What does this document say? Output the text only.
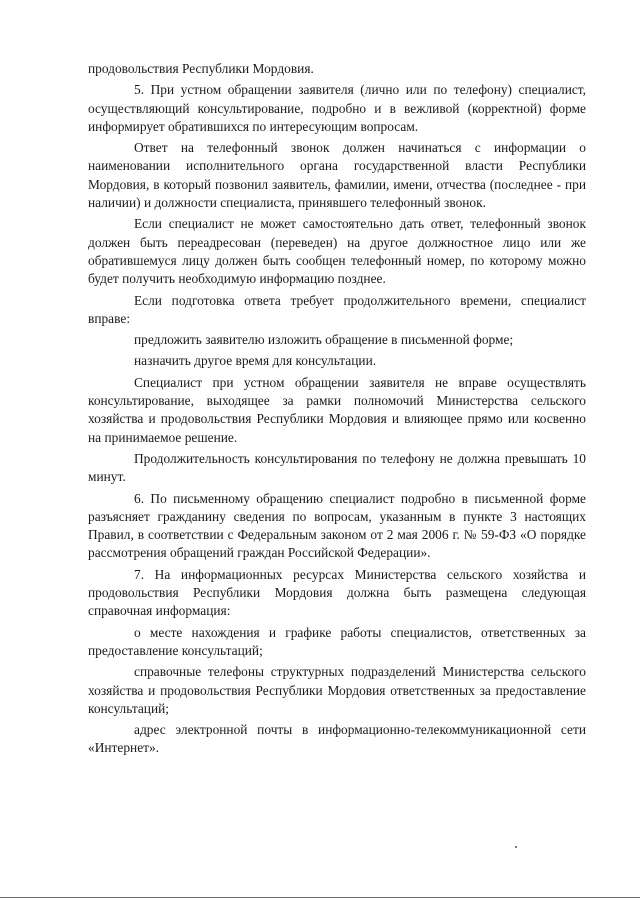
продовольствия Республики Мордовия.

5. При устном обращении заявителя (лично или по телефону) специалист, осуществляющий консультирование, подробно и в вежливой (корректной) форме информирует обратившихся по интересующим вопросам.

Ответ на телефонный звонок должен начинаться с информации о наименовании исполнительного органа государственной власти Республики Мордовия, в который позвонил заявитель, фамилии, имени, отчества (последнее - при наличии) и должности специалиста, принявшего телефонный звонок.

Если специалист не может самостоятельно дать ответ, телефонный звонок должен быть переадресован (переведен) на другое должностное лицо или же обратившемуся лицу должен быть сообщен телефонный номер, по которому можно будет получить необходимую информацию позднее.

Если подготовка ответа требует продолжительного времени, специалист вправе:

предложить заявителю изложить обращение в письменной форме;

назначить другое время для консультации.

Специалист при устном обращении заявителя не вправе осуществлять консультирование, выходящее за рамки полномочий Министерства сельского хозяйства и продовольствия Республики Мордовия и влияющее прямо или косвенно на принимаемое решение.

Продолжительность консультирования по телефону не должна превышать 10 минут.

6. По письменному обращению специалист подробно в письменной форме разъясняет гражданину сведения по вопросам, указанным в пункте 3 настоящих Правил, в соответствии с Федеральным законом от 2 мая 2006 г. № 59-ФЗ «О порядке рассмотрения обращений граждан Российской Федерации».

7. На информационных ресурсах Министерства сельского хозяйства и продовольствия Республики Мордовия должна быть размещена следующая справочная информация:

о месте нахождения и графике работы специалистов, ответственных за предоставление консультаций;

справочные телефоны структурных подразделений Министерства сельского хозяйства и продовольствия Республики Мордовия ответственных за предоставление консультаций;

адрес электронной почты в информационно-телекоммуникационной сети «Интернет».
